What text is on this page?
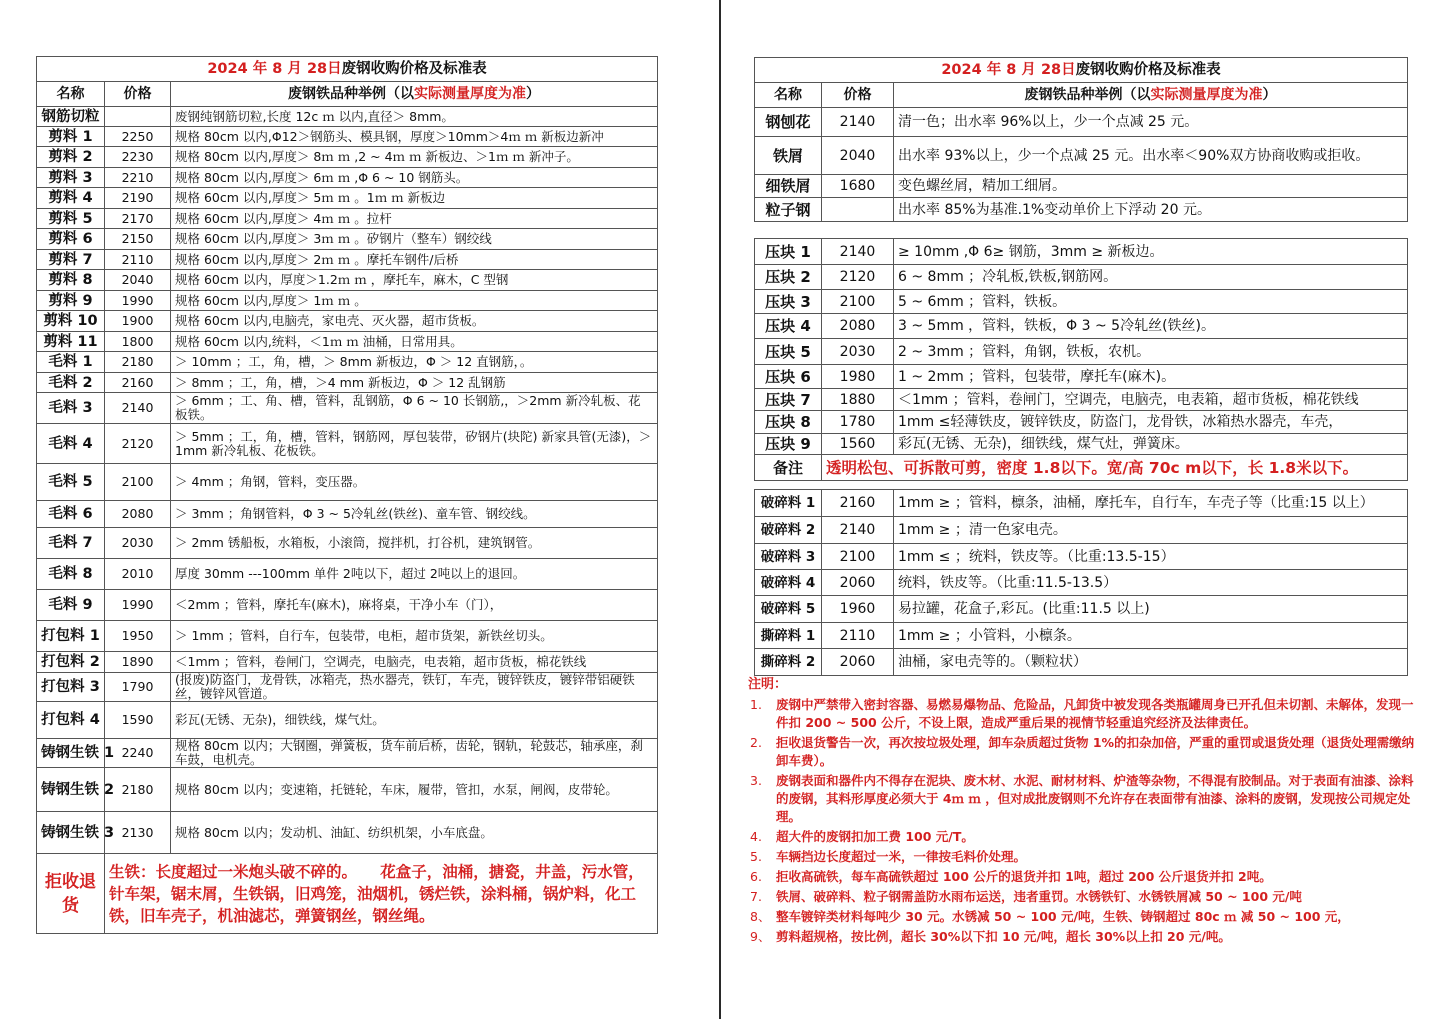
2024 年 8 月 28日废钢收购价格及标准表		
名称	价格	废钢铁品种举例（以实际测量厚度为准）
钢筋切粒		废钢纯钢筋切粒,长度 12c ｍ 以内,直径＞ 8mm。
剪料 1	2250	规格 80cm 以内,Φ12＞钢筋头、模具钢，厚度＞10mm＞4ｍ ｍ 新板边新冲
剪料 2	2230	规格 80cm 以内,厚度＞ 8ｍ ｍ ,2 ~ 4ｍ ｍ 新板边、＞1ｍ ｍ 新冲子。
剪料 3	2210	规格 80cm 以内,厚度＞ 6ｍ ｍ ,Φ 6 ~ 10 钢筋头。
剪料 4	2190	规格 60cm 以内,厚度＞ 5ｍ ｍ 。1ｍ ｍ 新板边
剪料 5	2170	规格 60cm 以内,厚度＞ 4ｍ ｍ 。拉杆
剪料 6	2150	规格 60cm 以内,厚度＞ 3ｍ ｍ 。矽钢片（整车）钢绞线
剪料 7	2110	规格 60cm 以内,厚度＞ 2ｍ ｍ 。摩托车钢件/后桥
剪料 8	2040	规格 60cm 以内，厚度＞1.2ｍ ｍ ，摩托车，麻木，C 型钢
剪料 9	1990	规格 60cm 以内,厚度＞ 1ｍ ｍ 。
剪料 10	1900	规格 60cm 以内,电脑壳，家电壳、灭火器，超市货板。
剪料 11	1800	规格 60cm 以内,统料，＜1ｍ ｍ 油桶，日常用具。
毛料 1	2180	＞ 10mm ；工，角，槽，＞ 8mm 新板边，Φ ＞ 12 直钢筋，。
毛料 2	2160	＞ 8mm ；工，角，槽，＞4 mm 新板边，Φ ＞ 12 乱钢筋
毛料 3	2140	＞ 6mm ；工、角、槽，管料，乱钢筋，Φ 6 ~ 10 长钢筋,，＞2mm 新冷轧板、花板铁。
毛料 4	2120	＞ 5mm ；工，角，槽，管料，钢筋网，厚包装带，矽钢片(块陀) 新家具管(无漆)，＞1mm 新冷轧板、花板铁。
毛料 5	2100	＞ 4mm ；角钢，管料，变压器。
毛料 6	2080	＞ 3mm ；角钢管料，Φ 3 ~ 5冷轧丝(铁丝)、童车管、钢绞线。
毛料 7	2030	＞ 2mm 锈船板，水箱板，小滚筒，搅拌机，打谷机，建筑钢管。
毛料 8	2010	厚度 30mm ---100mm 单件 2吨以下，超过 2吨以上的退回。
毛料 9	1990	＜2mm ；管料，摩托车(麻木)，麻将桌，干净小车（门），
打包料 1	1950	＞ 1mm ；管料，自行车，包装带，电柜，超市货架，新铁丝切头。
打包料 2	1890	＜1mm ；管料，卷闸门，空调壳，电脑壳，电表箱，超市货板，棉花铁线
打包料 3	1790	(报废)防盗门，龙骨铁，冰箱壳，热水器壳，铁钉，车壳，镀锌铁皮，镀锌带铝硬铁丝，镀锌风管道。
打包料 4	1590	彩瓦(无锈、无杂)，细铁线，煤气灶。
铸钢生铁 1	2240	规格 80cm 以内；大钢圈，弹簧板，货车前后桥，齿轮，钢轨，轮鼓芯，轴承座，刹车鼓，电机壳。
铸钢生铁 2	2180	规格 80cm 以内；变速箱，托链轮，车床，履带，管扣，水泵，闸阀，皮带轮。
铸钢生铁 3	2130	规格 80cm 以内；发动机、油缸、纺织机架，小车底盘。
拒收退货	生铁：长度超过一米炮头破不碎的。　　花盒子，油桶，搪瓷，井盖，污水管，针车架，锯末屑，生铁锅，旧鸡笼，油烟机，锈烂铁，涂料桶，锅炉料，化工铁，旧车壳子，机油滤芯，弹簧钢丝，钢丝绳。	
2024 年 8 月 28日废钢收购价格及标准表		
名称	价格	废钢铁品种举例（以实际测量厚度为准）
钢刨花	2140	清一色；出水率 96%以上，少一个点减 25 元。
铁屑	2040	出水率 93%以上，少一个点减 25 元。出水率＜90%双方协商收购或拒收。
细铁屑	1680	变色螺丝屑，精加工细屑。
粒子钢		出水率 85%为基准.1%变动单价上下浮动 20 元。
压块 1	2140	≥ 10mm ,Φ 6≥ 钢筋，3mm ≥ 新板边。
压块 2	2120	6 ~ 8mm ；冷轧板,铁板,钢筋网。
压块 3	2100	5 ~ 6mm ；管料，铁板。
压块 4	2080	3 ~ 5mm ，管料，铁板，Φ 3 ~ 5冷轧丝(铁丝)。
压块 5	2030	2 ~ 3mm ；管料，角钢，铁板，农机。
压块 6	1980	1 ~ 2mm ；管料，包装带，摩托车(麻木)。
压块 7	1880	＜1mm ；管料，卷闸门，空调壳，电脑壳，电表箱，超市货板，棉花铁线
压块 8	1780	1mm ≤轻薄铁皮，镀锌铁皮，防盗门，龙骨铁，冰箱热水器壳，车壳，
压块 9	1560	彩瓦(无锈、无杂)，细铁线，煤气灶，弹簧床。
备注	透明松包、可拆散可剪，密度 1.8以下。宽/高 70c m以下，长 1.8米以下。	
破碎料 1	2160	1mm ≥ ；管料，檩条，油桶，摩托车，自行车，车壳子等（比重:15 以上）
破碎料 2	2140	1mm ≥ ；清一色家电壳。
破碎料 3	2100	1mm ≤ ；统料，铁皮等。（比重:13.5-15）
破碎料 4	2060	统料，铁皮等。（比重:11.5-13.5）
破碎料 5	1960	易拉罐，花盒子,彩瓦。(比重:11.5 以上)
撕碎料 1	2110	1mm ≥ ；小管料，小檩条。
撕碎料 2	2060	油桶，家电壳等的。（颗粒状）
注明：
1.	废钢中严禁带入密封容器、易燃易爆物品、危险品，凡卸货中被发现各类瓶罐周身已开孔但未切割、未解体，发现一件扣 200 ~ 500 公斤，不设上限，造成严重后果的视情节轻重追究经济及法律责任。
2.	拒收退货警告一次，再次按垃圾处理，卸车杂质超过货物 1%的扣杂加倍，严重的重罚或退货处理（退货处理需缴纳卸车费）。
3.	废钢表面和器件内不得存在泥块、废木材、水泥、耐材材料、炉渣等杂物，不得混有胶制品。对于表面有油漆、涂料的废钢，其料形厚度必须大于 4ｍ ｍ ，但对成批废钢则不允许存在表面带有油漆、涂料的废钢，发现按公司规定处理。
4.	超大件的废钢扣加工费 100 元/T。
5.	车辆挡边长度超过一米，一律按毛料价处理。
6.	拒收高硫铁，每车高硫铁超过 100 公斤的退货并扣 1吨，超过 200 公斤退货并扣 2吨。
7.	铁屑、破碎料、粒子钢需盖防水雨布运送，违者重罚。水锈铁钉、水锈铁屑减 50 ~ 100 元/吨
8、 整车镀锌类材料每吨少 30 元。水锈减 50 ~ 100 元/吨，生铁、铸钢超过 80c ｍ 减 50 ~ 100 元，
9、 剪料超规格，按比例，超长 30%以下扣 10 元/吨，超长 30%以上扣 20 元/吨。
